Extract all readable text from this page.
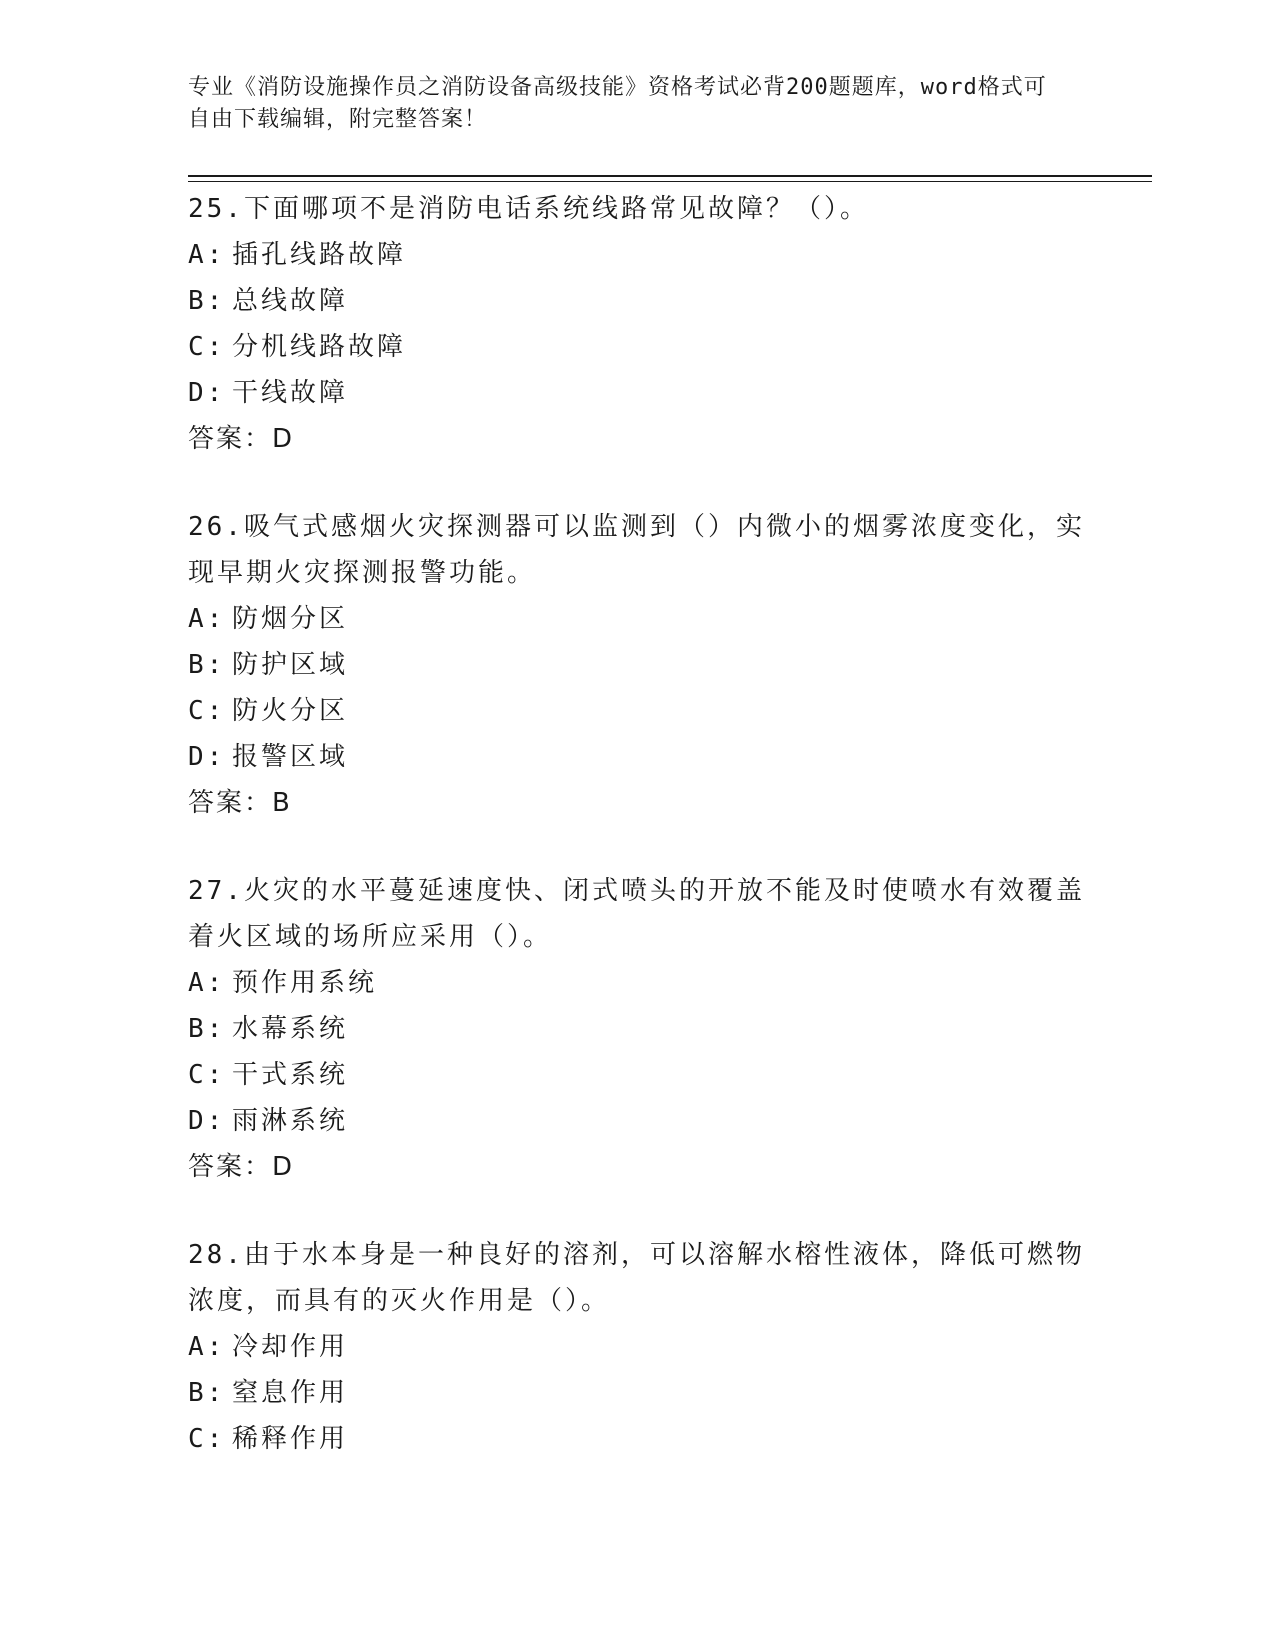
专业《消防设施操作员之消防设备高级技能》资格考试必背200题题库，word格式可自由下载编辑，附完整答案！

25.下面哪项不是消防电话系统线路常见故障？（）。

A: 插孔线路故障

B: 总线故障

C: 分机线路故障

D: 干线故障

答案：D

26.吸气式感烟火灾探测器可以监测到（）内微小的烟雾浓度变化，实现早期火灾探测报警功能。

A: 防烟分区

B: 防护区域

C: 防火分区

D: 报警区域

答案：B

27.火灾的水平蔓延速度快、闭式喷头的开放不能及时使喷水有效覆盖着火区域的场所应采用（）。

A: 预作用系统

B: 水幕系统

C: 干式系统

D: 雨淋系统

答案：D

28.由于水本身是一种良好的溶剂，可以溶解水榕性液体，降低可燃物浓度，而具有的灭火作用是（）。

A: 冷却作用

B: 窒息作用

C: 稀释作用
